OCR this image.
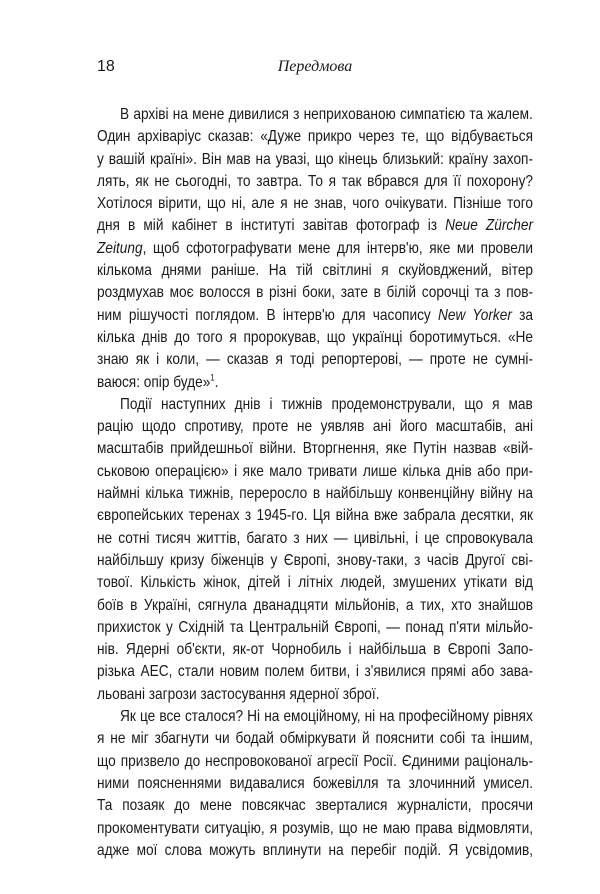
18	Передмова
В архіві на мене дивилися з неприхованою симпатією та жалем.
Один архіваріус сказав: «Дуже прикро через те, що відбувається
у вашій країні». Він мав на увазі, що кінець близький: країну захоп-
лять, як не сьогодні, то завтра. То я так вбрався для її похорону?
Хотілося вірити, що ні, але я не знав, чого очікувати. Пізніше того
дня в мій кабінет в інституті завітав фотограф із Neue Zürcher
Zeitung, щоб сфотографувати мене для інтерв'ю, яке ми провели
кількома днями раніше. На тій світлині я скуйовджений, вітер
роздмухав моє волосся в різні боки, зате в білій сорочці та з пов-
ним рішучості поглядом. В інтерв'ю для часопису New Yorker за
кілька днів до того я пророкував, що українці боротимуться. «Не
знаю як і коли, — сказав я тоді репортерові, — проте не сумні-
ваюся: опір буде»$^1$.
Події наступних днів і тижнів продемонстрували, що я мав
рацію щодо спротиву, проте не уявляв ані його масштабів, ані
масштабів прийдешньої війни. Вторгнення, яке Путін назвав «вій-
ськовою операцією» і яке мало тривати лише кілька днів або при-
наймні кілька тижнів, переросло в найбільшу конвенційну війну на
європейських теренах з 1945-го. Ця війна вже забрала десятки, як
не сотні тисяч життів, багато з них — цивільні, і це спровокувала
найбільшу кризу біженців у Європі, знову-таки, з часів Другої сві-
тової. Кількість жінок, дітей і літніх людей, змушених утікати від
боїв в Україні, сягнула дванадцяти мільйонів, а тих, хто знайшов
прихисток у Східній та Центральній Європі, — понад п'яти мільйо-
нів. Ядерні об'єкти, як-от Чорнобиль і найбільша в Європі Запо-
різька АЕС, стали новим полем битви, і з'явилися прямі або зава-
льовані загрози застосування ядерної зброї.
Як це все сталося? Ні на емоційному, ні на професійному рівнях
я не міг збагнути чи бодай обміркувати й пояснити собі та іншим,
що призвело до неспровокованої агресії Росії. Єдиними раціональ-
ними поясненнями видавалися божевілля та злочинний умисел.
Та позаяк до мене повсякчас зверталися журналісти, просячи
прокоментувати ситуацію, я розумів, що не маю права відмовляти,
адже мої слова можуть вплинути на перебіг подій. Я усвідомив,
